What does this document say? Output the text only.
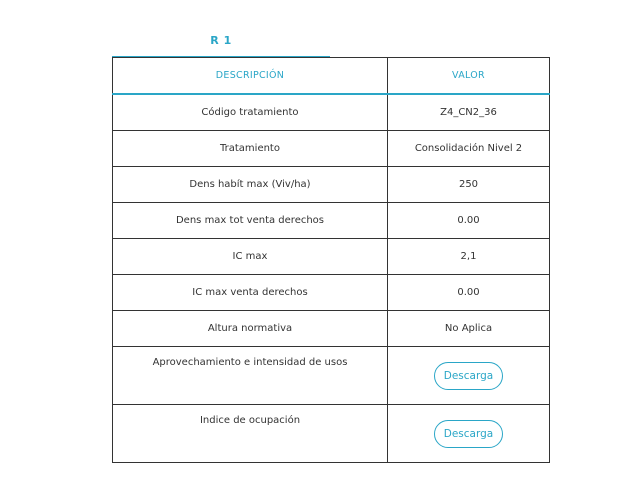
R 1
DESCRIPCIÓN	VALOR
Código tratamiento	Z4_CN2_36
Tratamiento	Consolidación Nivel 2
Dens habít max (Viv/ha)	250
Dens max tot venta derechos	0.00
IC max	2,1
IC max venta derechos	0.00
Altura normativa	No Aplica
Aprovechamiento e intensidad de usos	Descarga
Indice de ocupación	Descarga
